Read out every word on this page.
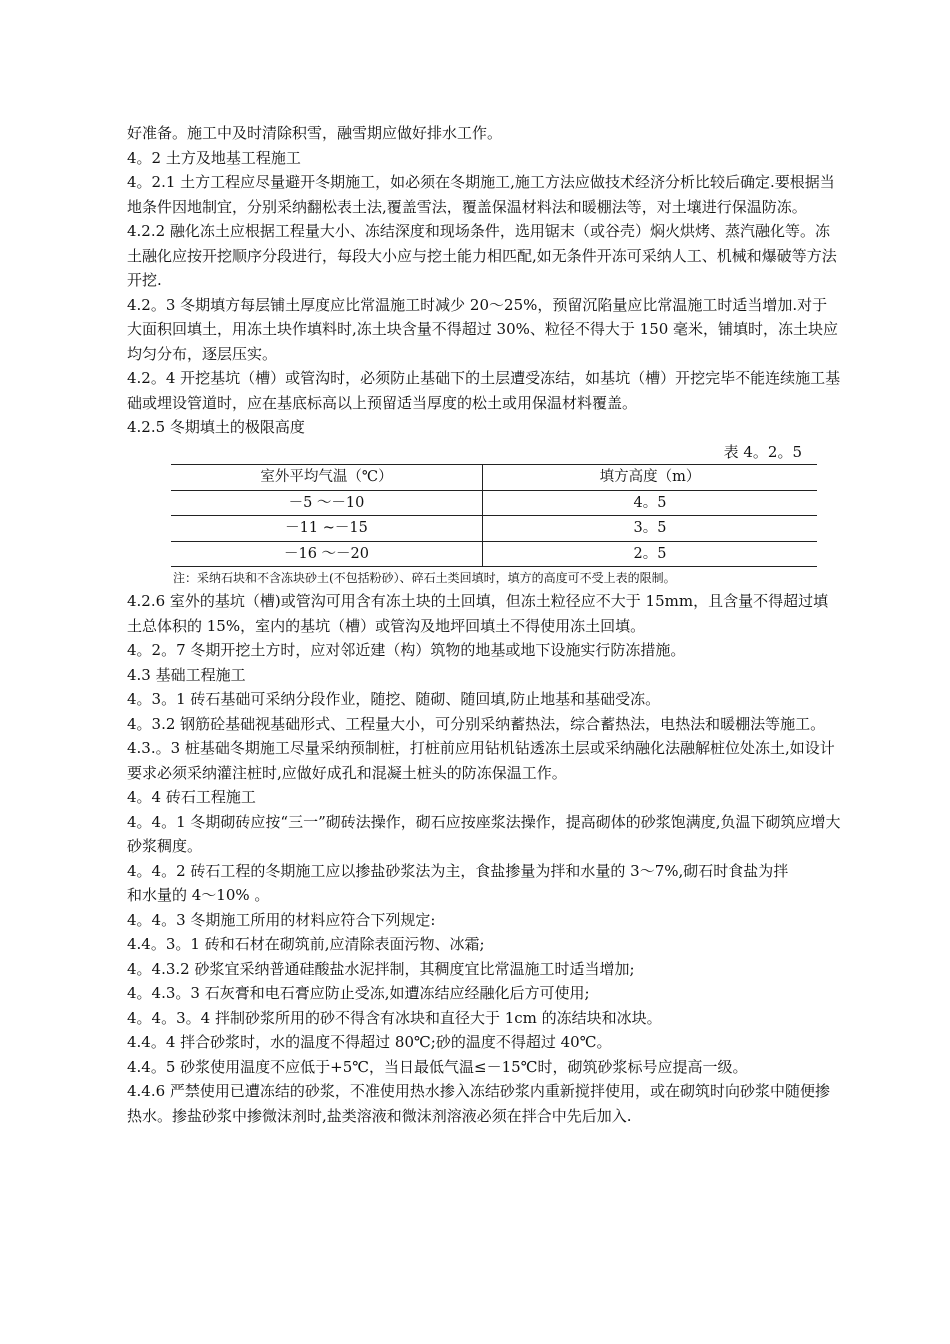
好准备。施工中及时清除积雪，融雪期应做好排水工作。

4。2 土方及地基工程施工

4。2.1 土方工程应尽量避开冬期施工，如必须在冬期施工,施工方法应做技术经济分析比较后确定.要根据当地条件因地制宜，分别采纳翻松表土法,覆盖雪法，覆盖保温材料法和暖棚法等，对土壤进行保温防冻。

4.2.2 融化冻土应根据工程量大小、冻结深度和现场条件，选用锯末（或谷壳）焖火烘烤、蒸汽融化等。冻土融化应按开挖顺序分段进行，每段大小应与挖土能力相匹配,如无条件开冻可采纳人工、机械和爆破等方法开挖.

4.2。3 冬期填方每层铺土厚度应比常温施工时减少 20～25%，预留沉陷量应比常温施工时适当增加.对于大面积回填土，用冻土块作填料时,冻土块含量不得超过 30%、粒径不得大于 150 毫米，铺填时，冻土块应均匀分布，逐层压实。

4.2。4 开挖基坑（槽）或管沟时，必须防止基础下的土层遭受冻结，如基坑（槽）开挖完毕不能连续施工基础或埋设管道时，应在基底标高以上预留适当厚度的松土或用保温材料覆盖。

4.2.5 冬期填土的极限高度

表 4。2。5

室外平均气温（℃）	填方高度（m）
－5 ～－10	4。5
－11 ~－15	3。5
－16 ～－20	2。5

注：采纳石块和不含冻块砂土(不包括粉砂）、碎石土类回填时，填方的高度可不受上表的限制。

4.2.6 室外的基坑（槽)或管沟可用含有冻土块的土回填，但冻土粒径应不大于 15mm，且含量不得超过填土总体积的 15%，室内的基坑（槽）或管沟及地坪回填土不得使用冻土回填。

4。2。7 冬期开挖土方时，应对邻近建（构）筑物的地基或地下设施实行防冻措施。

4.3 基础工程施工

4。3。1 砖石基础可采纳分段作业，随挖、随砌、随回填,防止地基和基础受冻。

4。3.2 钢筋砼基础视基础形式、工程量大小，可分别采纳蓄热法，综合蓄热法，电热法和暖棚法等施工。

4.3.。3 桩基础冬期施工尽量采纳预制桩，打桩前应用钻机钻透冻土层或采纳融化法融解桩位处冻土,如设计要求必须采纳灌注桩时,应做好成孔和混凝土桩头的防冻保温工作。

4。4 砖石工程施工

4。4。1 冬期砌砖应按“三一”砌砖法操作，砌石应按座浆法操作，提高砌体的砂浆饱满度,负温下砌筑应增大砂浆稠度。

4。4。2 砖石工程的冬期施工应以掺盐砂浆法为主，食盐掺量为拌和水量的 3～7%,砌石时食盐为拌

和水量的 4～10% 。

4。4。3 冬期施工所用的材料应符合下列规定:

4.4。3。1 砖和石材在砌筑前,应清除表面污物、冰霜;

4。4.3.2 砂浆宜采纳普通硅酸盐水泥拌制，其稠度宜比常温施工时适当增加;

4。4.3。3 石灰膏和电石膏应防止受冻,如遭冻结应经融化后方可使用;

4。4。3。4 拌制砂浆所用的砂不得含有冰块和直径大于 1cm 的冻结块和冰块。

4.4。4 拌合砂浆时，水的温度不得超过 80℃;砂的温度不得超过 40℃。

4.4。5 砂浆使用温度不应低于+5℃，当日最低气温≤－15℃时，砌筑砂浆标号应提高一级。

4.4.6 严禁使用已遭冻结的砂浆，不准使用热水掺入冻结砂浆内重新搅拌使用，或在砌筑时向砂浆中随便掺热水。掺盐砂浆中掺微沫剂时,盐类溶液和微沫剂溶液必须在拌合中先后加入.
